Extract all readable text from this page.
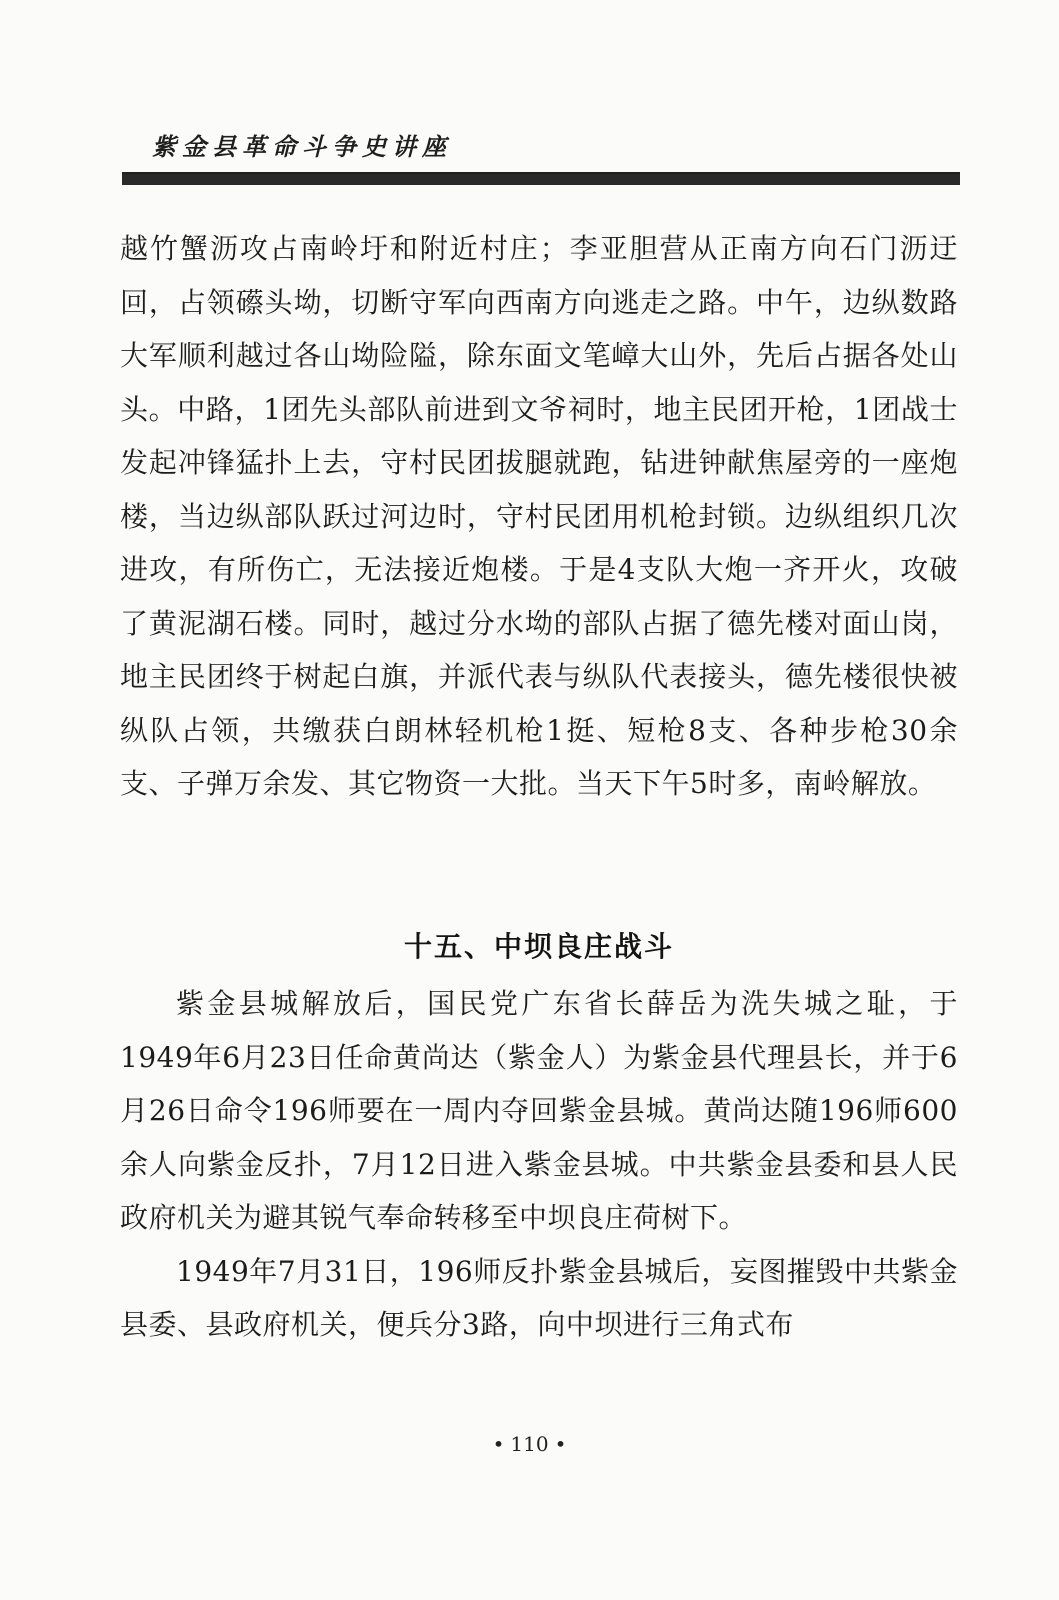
紫金县革命斗争史讲座

越竹蟹沥攻占南岭圩和附近村庄；李亚胆营从正南方向石门沥迂回，占领礤头坳，切断守军向西南方向逃走之路。中午，边纵数路大军顺利越过各山坳险隘，除东面文笔嶂大山外，先后占据各处山头。中路，1团先头部队前进到文爷祠时，地主民团开枪，1团战士发起冲锋猛扑上去，守村民团拔腿就跑，钻进钟献焦屋旁的一座炮楼，当边纵部队跃过河边时，守村民团用机枪封锁。边纵组织几次进攻，有所伤亡，无法接近炮楼。于是4支队大炮一齐开火，攻破了黄泥湖石楼。同时，越过分水坳的部队占据了德先楼对面山岗，地主民团终于树起白旗，并派代表与纵队代表接头，德先楼很快被纵队占领，共缴获白朗林轻机枪1挺、短枪8支、各种步枪30余支、子弹万余发、其它物资一大批。当天下午5时多，南岭解放。

十五、中坝良庄战斗

紫金县城解放后，国民党广东省长薛岳为洗失城之耻，于1949年6月23日任命黄尚达（紫金人）为紫金县代理县长，并于6月26日命令196师要在一周内夺回紫金县城。黄尚达随196师600余人向紫金反扑，7月12日进入紫金县城。中共紫金县委和县人民政府机关为避其锐气奉命转移至中坝良庄荷树下。

1949年7月31日，196师反扑紫金县城后，妄图摧毁中共紫金县委、县政府机关，便兵分3路，向中坝进行三角式布

• 110 •
